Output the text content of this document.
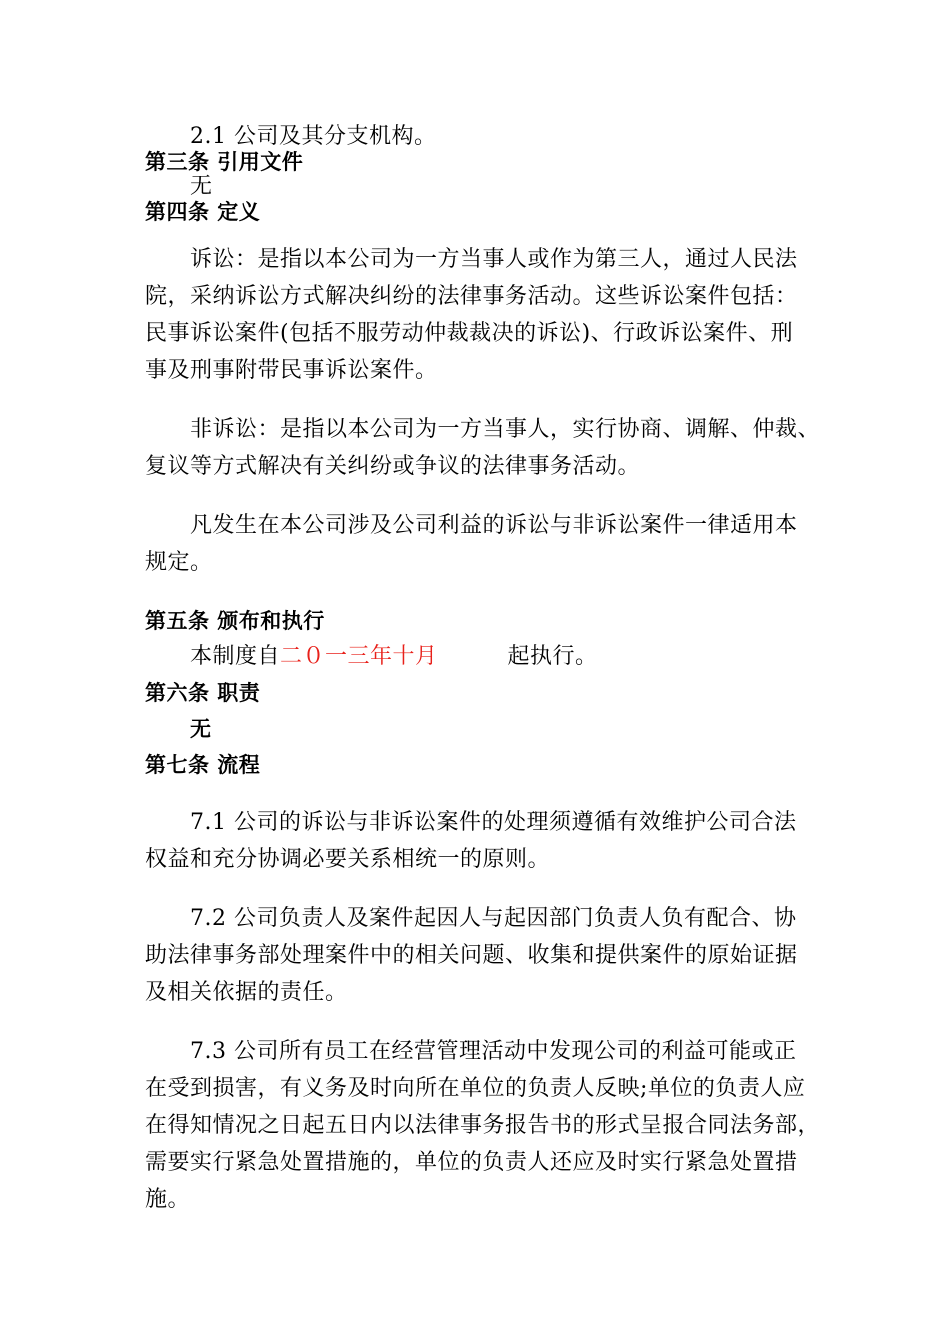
2.1 公司及其分支机构。
第三条 引用文件
无
第四条 定义
诉讼：是指以本公司为一方当事人或作为第三人，通过人民法
院，采纳诉讼方式解决纠纷的法律事务活动。这些诉讼案件包括：
民事诉讼案件(包括不服劳动仲裁裁决的诉讼)、行政诉讼案件、刑
事及刑事附带民事诉讼案件。
非诉讼：是指以本公司为一方当事人，实行协商、调解、仲裁、
复议等方式解决有关纠纷或争议的法律事务活动。
凡发生在本公司涉及公司利益的诉讼与非诉讼案件一律适用本
规定。
第五条 颁布和执行
本制度自二０一三年十月	起执行。
第六条 职责
无
第七条 流程
7.1 公司的诉讼与非诉讼案件的处理须遵循有效维护公司合法
权益和充分协调必要关系相统一的原则。
7.2 公司负责人及案件起因人与起因部门负责人负有配合、协
助法律事务部处理案件中的相关问题、收集和提供案件的原始证据
及相关依据的责任。
7.3 公司所有员工在经营管理活动中发现公司的利益可能或正
在受到损害，有义务及时向所在单位的负责人反映;单位的负责人应
在得知情况之日起五日内以法律事务报告书的形式呈报合同法务部，
需要实行紧急处置措施的，单位的负责人还应及时实行紧急处置措
施。
